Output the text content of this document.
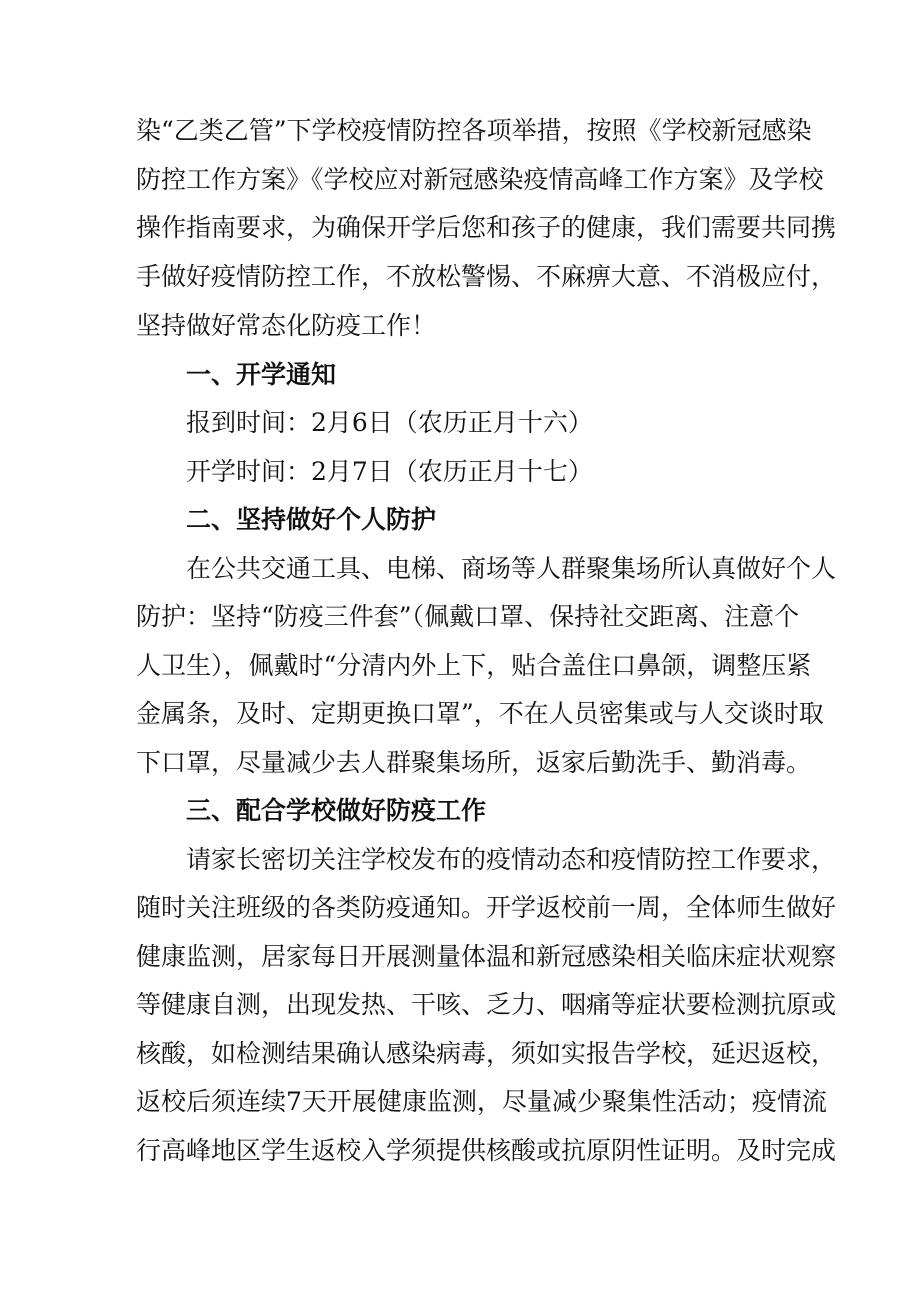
染“乙类乙管”下学校疫情防控各项举措，按照《学校新冠感染

防控工作方案》《学校应对新冠感染疫情高峰工作方案》及学校

操作指南要求，为确保开学后您和孩子的健康，我们需要共同携

手做好疫情防控工作，不放松警惕、不麻痹大意、不消极应付，

坚持做好常态化防疫工作！

一、开学通知

报到时间：2月6日（农历正月十六）

开学时间：2月7日（农历正月十七）

二、坚持做好个人防护

在公共交通工具、电梯、商场等人群聚集场所认真做好个人

防护：坚持“防疫三件套”（佩戴口罩、保持社交距离、注意个

人卫生），佩戴时“分清内外上下，贴合盖住口鼻颌，调整压紧

金属条，及时、定期更换口罩”，不在人员密集或与人交谈时取

下口罩，尽量减少去人群聚集场所，返家后勤洗手、勤消毒。

三、配合学校做好防疫工作

请家长密切关注学校发布的疫情动态和疫情防控工作要求，

随时关注班级的各类防疫通知。开学返校前一周，全体师生做好

健康监测，居家每日开展测量体温和新冠感染相关临床症状观察

等健康自测，出现发热、干咳、乏力、咽痛等症状要检测抗原或

核酸，如检测结果确认感染病毒，须如实报告学校，延迟返校，

返校后须连续7天开展健康监测，尽量减少聚集性活动；疫情流

行高峰地区学生返校入学须提供核酸或抗原阴性证明。及时完成
